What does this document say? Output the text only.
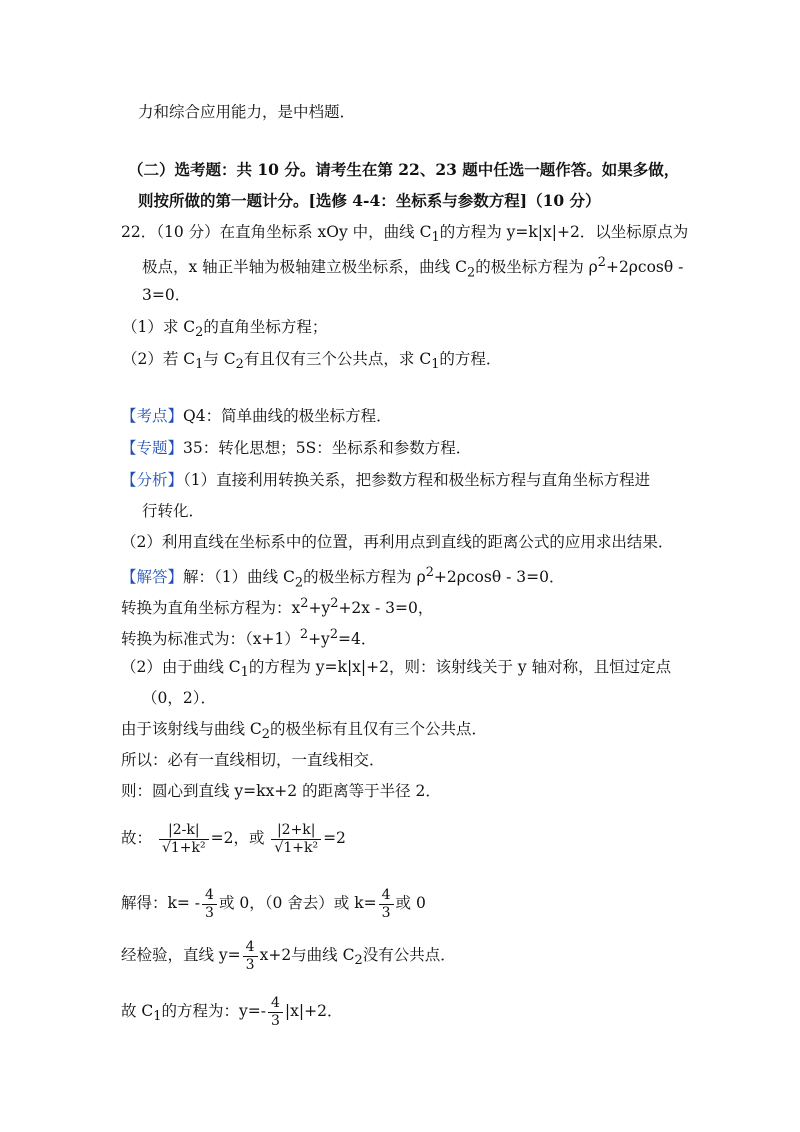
力和综合应用能力，是中档题．
（二）选考题：共 10 分。请考生在第 22、23 题中任选一题作答。如果多做，
则按所做的第一题计分。[选修 4-4：坐标系与参数方程]（10 分）
22．（10 分）在直角坐标系 xOy 中，曲线 $C_1$的方程为 y=k|x|+2．以坐标原点为
极点，x 轴正半轴为极轴建立极坐标系，曲线 $C_2$的极坐标方程为 $\rho^2+2\rho\cos\theta$ -
3=0．
（1）求 $C_2$的直角坐标方程；
（2）若 $C_1$与 $C_2$有且仅有三个公共点，求 $C_1$的方程．
【考点】Q4：简单曲线的极坐标方程．
【专题】35：转化思想；5S：坐标系和参数方程．
【分析】（1）直接利用转换关系，把参数方程和极坐标方程与直角坐标方程进
行转化．
（2）利用直线在坐标系中的位置，再利用点到直线的距离公式的应用求出结果．
【解答】解：（1）曲线 $C_2$的极坐标方程为 $\rho^2+2\rho\cos\theta - 3=0$．
转换为直角坐标方程为：$x^2+y^2+2x - 3=0$，
转换为标准式为：$(x+1)^2+y^2=4$．
（2）由于曲线 $C_1$的方程为 y=k|x|+2，则：该射线关于 y 轴对称，且恒过定点
（0，2）．
由于该射线与曲线 $C_2$的极坐标有且仅有三个公共点．
所以：必有一直线相切，一直线相交．
则：圆心到直线 y=kx+2 的距离等于半径 2．
故： $\frac{|2-k|}{\text{√1+k²}} =2$，或 $\frac{|2+k|}{\text{√1+k²}} =2$
解得：$k= - \frac{4}{3}$ 或 0，（0 舍去）或 $k= \frac{4}{3}$ 或 0
经检验，直线 $y= \frac{4}{3} x+2$与曲线 $C_2$没有公共点．
故 $C_1$的方程为：$y=- \frac{4}{3} |x|+2$．
